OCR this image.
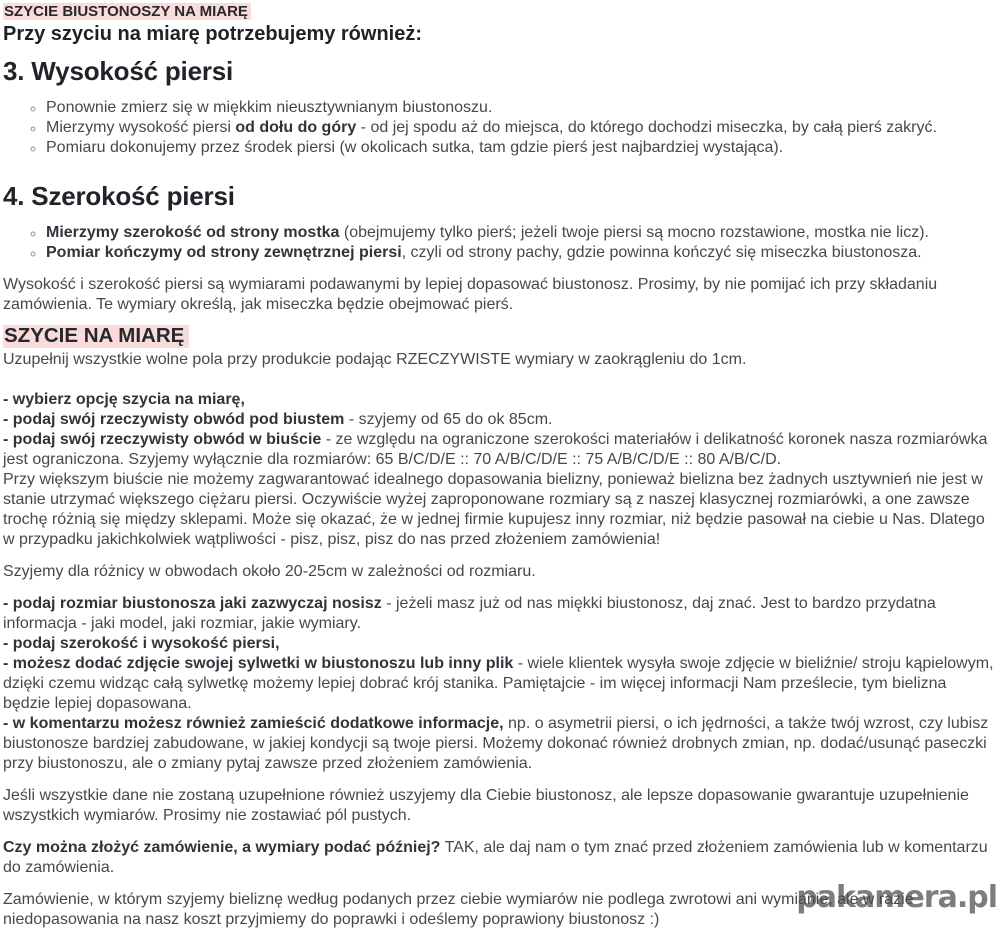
SZYCIE BIUSTONOSZY NA MIARĘ

Przy szyciu na miarę potrzebujemy również:

3. Wysokość piersi
◦ Ponownie zmierz się w miękkim nieusztywnianym biustonoszu.
◦ Mierzymy wysokość piersi od dołu do góry - od jej spodu aż do miejsca, do którego dochodzi miseczka, by całą pierś zakryć.
◦ Pomiaru dokonujemy przez środek piersi (w okolicach sutka, tam gdzie pierś jest najbardziej wystająca).
4. Szerokość piersi
◦ Mierzymy szerokość od strony mostka (obejmujemy tylko pierś; jeżeli twoje piersi są mocno rozstawione, mostka nie licz).
◦ Pomiar kończymy od strony zewnętrznej piersi, czyli od strony pachy, gdzie powinna kończyć się miseczka biustonosza.

Wysokość i szerokość piersi są wymiarami podawanymi by lepiej dopasować biustonosz. Prosimy, by nie pomijać ich przy składaniu zamówienia. Te wymiary określą, jak miseczka będzie obejmować pierś.

SZYCIE NA MIARĘ

Uzupełnij wszystkie wolne pola przy produkcie podając RZECZYWISTE wymiary w zaokrągleniu do 1cm.

- wybierz opcję szycia na miarę,
- podaj swój rzeczywisty obwód pod biustem - szyjemy od 65 do ok 85cm.
- podaj swój rzeczywisty obwód w biuście - ze względu na ograniczone szerokości materiałów i delikatność koronek nasza rozmiarówka jest ograniczona. Szyjemy wyłącznie dla rozmiarów: 65 B/C/D/E :: 70 A/B/C/D/E :: 75 A/B/C/D/E :: 80 A/B/C/D.
Przy większym biuście nie możemy zagwarantować idealnego dopasowania bielizny, ponieważ bielizna bez żadnych usztywnień nie jest w stanie utrzymać większego ciężaru piersi. Oczywiście wyżej zaproponowane rozmiary są z naszej klasycznej rozmiarówki, a one zawsze trochę różnią się między sklepami. Może się okazać, że w jednej firmie kupujesz inny rozmiar, niż będzie pasował na ciebie u Nas. Dlatego w przypadku jakichkolwiek wątpliwości - pisz, pisz, pisz do nas przed złożeniem zamówienia!

Szyjemy dla różnicy w obwodach około 20-25cm w zależności od rozmiaru.

- podaj rozmiar biustonosza jaki zazwyczaj nosisz - jeżeli masz już od nas miękki biustonosz, daj znać. Jest to bardzo przydatna informacja - jaki model, jaki rozmiar, jakie wymiary.
- podaj szerokość i wysokość piersi,
- możesz dodać zdjęcie swojej sylwetki w biustonoszu lub inny plik - wiele klientek wysyła swoje zdjęcie w bieliźnie/ stroju kąpielowym, dzięki czemu widząc całą sylwetkę możemy lepiej dobrać krój stanika. Pamiętajcie - im więcej informacji Nam prześlecie, tym bielizna będzie lepiej dopasowana.
- w komentarzu możesz również zamieścić dodatkowe informacje, np. o asymetrii piersi, o ich jędrności, a także twój wzrost, czy lubisz biustonosze bardziej zabudowane, w jakiej kondycji są twoje piersi. Możemy dokonać również drobnych zmian, np. dodać/usunąć paseczki przy biustonoszu, ale o zmiany pytaj zawsze przed złożeniem zamówienia.

Jeśli wszystkie dane nie zostaną uzupełnione również uszyjemy dla Ciebie biustonosz, ale lepsze dopasowanie gwarantuje uzupełnienie wszystkich wymiarów. Prosimy nie zostawiać pól pustych.

Czy można złożyć zamówienie, a wymiary podać później? TAK, ale daj nam o tym znać przed złożeniem zamówienia lub w komentarzu do zamówienia.

Zamówienie, w którym szyjemy bieliznę według podanych przez ciebie wymiarów nie podlega zwrotowi ani wymianie, ale w razie niedopasowania na nasz koszt przyjmiemy do poprawki i odeślemy poprawiony biustonosz :)

pakamera.pl
